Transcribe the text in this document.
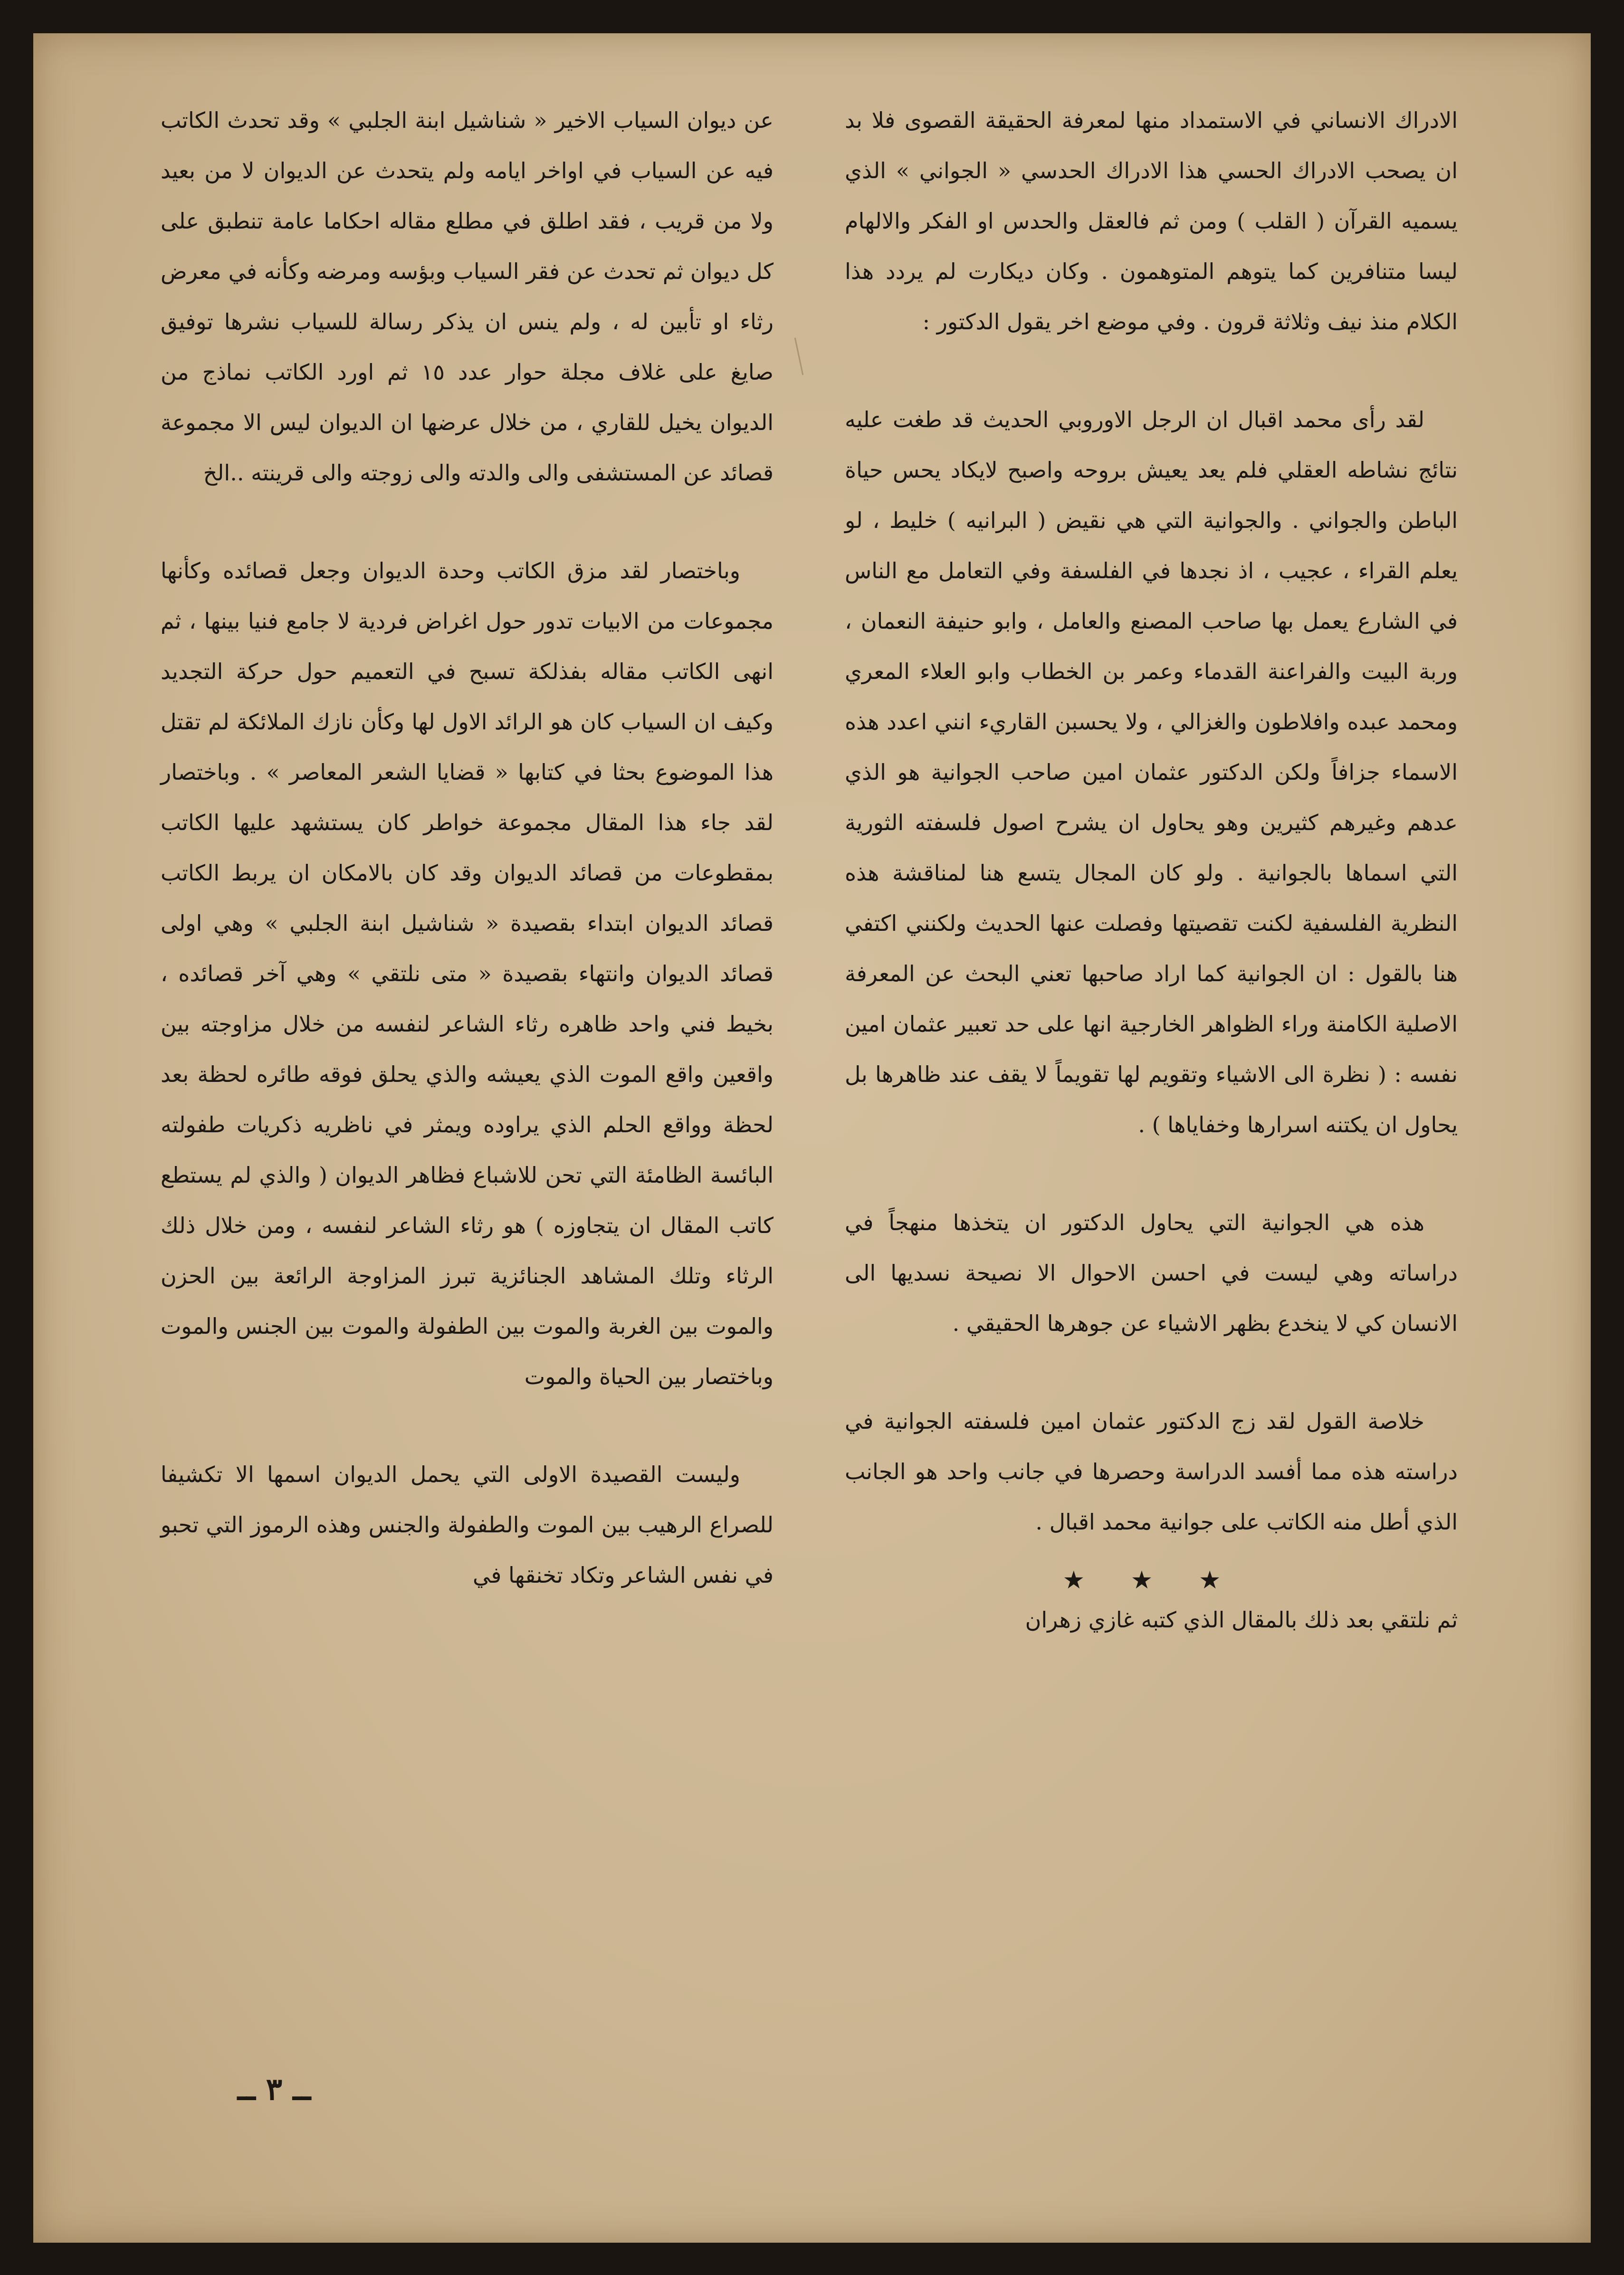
الادراك الانساني في الاستمداد منها لمعرفة الحقيقة القصوى فلا بد ان يصحب الادراك الحسي هذا الادراك الحدسي « الجواني » الذي يسميه القرآن ( القلب ) ومن ثم فالعقل والحدس او الفكر والالهام ليسا متنافرين كما يتوهم المتوهمون . وكان ديكارت لم يردد هذا الكلام منذ نيف وثلاثة قرون . وفي موضع اخر يقول الدكتور :

لقد رأى محمد اقبال ان الرجل الاوروبي الحديث قد طغت عليه نتائج نشاطه العقلي فلم يعد يعيش بروحه واصبح لايكاد يحس حياة الباطن والجواني . والجوانية التي هي نقيض ( البرانيه ) خليط ، لو يعلم القراء ، عجيب ، اذ نجدها في الفلسفة وفي التعامل مع الناس في الشارع يعمل بها صاحب المصنع والعامل ، وابو حنيفة النعمان ، وربة البيت والفراعنة القدماء وعمر بن الخطاب وابو العلاء المعري ومحمد عبده وافلاطون والغزالي ، ولا يحسبن القاريء انني اعدد هذه الاسماء جزافاً ولكن الدكتور عثمان امين صاحب الجوانية هو الذي عدهم وغيرهم كثيرين وهو يحاول ان يشرح اصول فلسفته الثورية التي اسماها بالجوانية . ولو كان المجال يتسع هنا لمناقشة هذه النظرية الفلسفية لكنت تقصيتها وفصلت عنها الحديث ولكنني اكتفي هنا بالقول : ان الجوانية كما اراد صاحبها تعني البحث عن المعرفة الاصلية الكامنة وراء الظواهر الخارجية انها على حد تعبير عثمان امين نفسه : ( نظرة الى الاشياء وتقويم لها تقويماً لا يقف عند ظاهرها بل يحاول ان يكتنه اسرارها وخفاياها ) .

هذه هي الجوانية التي يحاول الدكتور ان يتخذها منهجاً في دراساته وهي ليست في احسن الاحوال الا نصيحة نسديها الى الانسان كي لا ينخدع بظهر الاشياء عن جوهرها الحقيقي .

خلاصة القول لقد زج الدكتور عثمان امين فلسفته الجوانية في دراسته هذه مما أفسد الدراسة وحصرها في جانب واحد هو الجانب الذي أطل منه الكاتب على جوانية محمد اقبال .

★ ★ ★

ثم نلتقي بعد ذلك بالمقال الذي كتبه غازي زهران

عن ديوان السياب الاخير « شناشيل ابنة الجلبي » وقد تحدث الكاتب فيه عن السياب في اواخر ايامه ولم يتحدث عن الديوان لا من بعيد ولا من قريب ، فقد اطلق في مطلع مقاله احكاما عامة تنطبق على كل ديوان ثم تحدث عن فقر السياب وبؤسه ومرضه وكأنه في معرض رثاء او تأبين له ، ولم ينس ان يذكر رسالة للسياب نشرها توفيق صايغ على غلاف مجلة حوار عدد ١٥ ثم اورد الكاتب نماذج من الديوان يخيل للقاري ، من خلال عرضها ان الديوان ليس الا مجموعة قصائد عن المستشفى والى والدته والى زوجته والى قرينته ..الخ

وباختصار لقد مزق الكاتب وحدة الديوان وجعل قصائده وكأنها مجموعات من الابيات تدور حول اغراض فردية لا جامع فنيا بينها ، ثم انهى الكاتب مقاله بفذلكة تسبح في التعميم حول حركة التجديد وكيف ان السياب كان هو الرائد الاول لها وكأن نازك الملائكة لم تقتل هذا الموضوع بحثا في كتابها « قضايا الشعر المعاصر » . وباختصار لقد جاء هذا المقال مجموعة خواطر كان يستشهد عليها الكاتب بمقطوعات من قصائد الديوان وقد كان بالامكان ان يربط الكاتب قصائد الديوان ابتداء بقصيدة « شناشيل ابنة الجلبي » وهي اولى قصائد الديوان وانتهاء بقصيدة « متى نلتقي » وهي آخر قصائده ، بخيط فني واحد ظاهره رثاء الشاعر لنفسه من خلال مزاوجته بين واقعين واقع الموت الذي يعيشه والذي يحلق فوقه طائره لحظة بعد لحظة وواقع الحلم الذي يراوده ويمثر في ناظريه ذكريات طفولته البائسة الظامئة التي تحن للاشباع فظاهر الديوان ( والذي لم يستطع كاتب المقال ان يتجاوزه ) هو رثاء الشاعر لنفسه ، ومن خلال ذلك الرثاء وتلك المشاهد الجنائزية تبرز المزاوجة الرائعة بين الحزن والموت بين الغربة والموت بين الطفولة والموت بين الجنس والموت وباختصار بين الحياة والموت

وليست القصيدة الاولى التي يحمل الديوان اسمها الا تكشيفا للصراع الرهيب بين الموت والطفولة والجنس وهذه الرموز التي تحبو في نفس الشاعر وتكاد تخنقها في

ــ ٣ ــ
